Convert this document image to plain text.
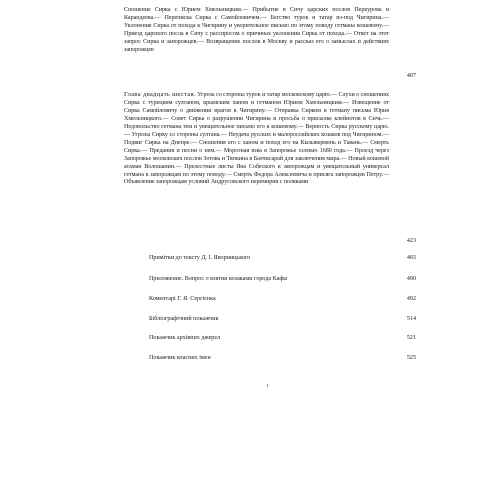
Сношение Сирка с Юрием Хмельницким.— Прибытие в Сичу царских послов Перкурова и Карандеева.— Переписка Сирка с Самойловичем.— Бегство турок и татар из-под Чигирина.— Уклонение Сирка от похода к Чигирину и укорительное письмо по этому поводу гетмана кошевому.— Приезд царского посла в Сичу с расспросом о причинах уклонения Сирка от похода.— Ответ на этот запрос Сирка и запорожцев.— Возвращение послов в Москву и рассказ его о замыслах и действиях запорожцев

407

Глава двадцать шестая. Угроза со стороны турок и татар московскому царю.— Слухи о сношениях Сирка с турецким султаном, крымским ханом и гетманом Юрием Хмельницким.— Извещение от Сирка Самойловичу о движении врагов к Чигирину.— Отправка Сирком к гетману письма Юрия Хмельницкого.— Совет Сирка о разрушении Чигирина и просьба о присылке клейнотов в Сичь.— Недовольство гетмана тем и увещательное письмо его к кошевому.— Верность Сирка русскому царю.— Угрозы Сирку со стороны султана.— Неудача русских и малороссийских козаков под Чигирином.— Подвиг Сирка на Днепре.— Сношения его с ханом и поход его на Кызыкермень и Тавань.— Смерть Сирка.— Предания и песни о нем.— Морозная язва в Запорожье осенью 1680 года.— Проезд через Запорожье московских послов Зотова и Тяпкина в Бахчисарай для заключения мира.— Новый кошевой атаман Волошанин.— Прелестные листы Яна Собеского к запорожцам и увещательный универсал гетмана к запорожцам по этому поводу.— Смерть Федора Алексеевича и присяга запорожцев Петру.— Объявление запорожцам условий Андрусовского перемирия с поляками

423
Примітки до тексту Д. І. Яворницького	465
Приложение. Вопрос о взятии козаками города Кафы	490
Коментарі Г. Я. Сергієнка	492
Бібліографічний покажчик	514
Покажчик архівних джерел	521
Покажчик власних імен	525
